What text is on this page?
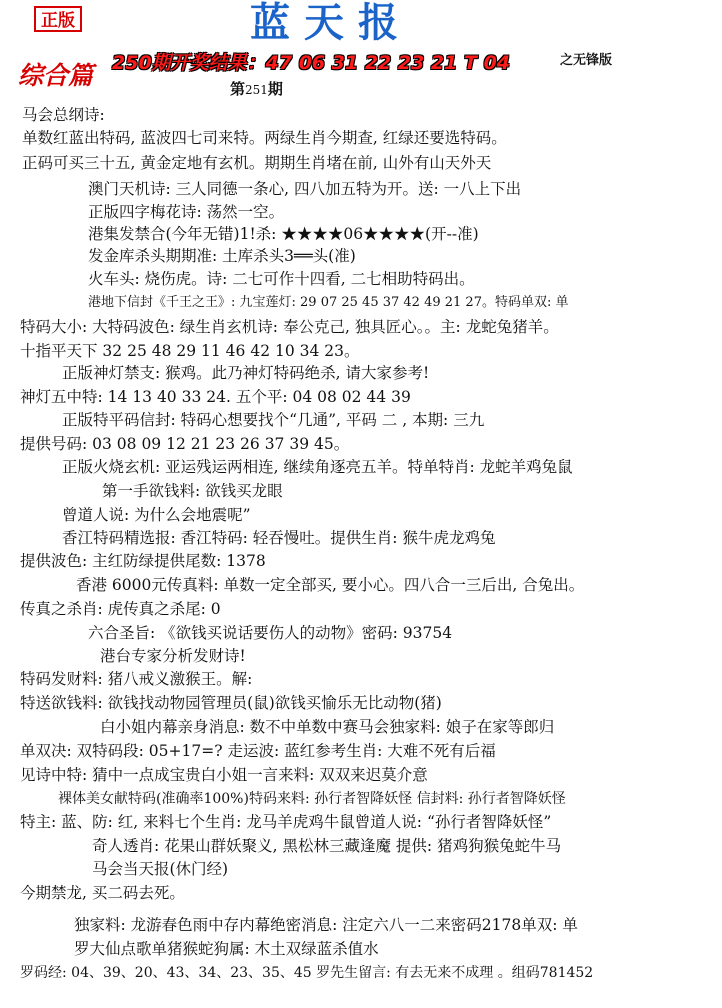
正版	蓝天报
250期开奖结果：47 06 31 22 23 21 T 04	之无锋版
综合篇	第251期
马会总纲诗:
单数红蓝出特码, 蓝波四七司来特。两绿生肖今期查, 红绿还要选特码。
正码可买三十五, 黄金定地有玄机。期期生肖堵在前, 山外有山天外天
澳门天机诗: 三人同德一条心, 四八加五特为开。送: 一八上下出
正版四字梅花诗: 荡然一空。
港集发禁合(今年无错)1!杀: ★★★★06★★★★(开--准)
发金库杀头期期准: 土库杀头3══头(准)
火车头: 烧伤虎。诗: 二七可作十四看, 二七相助特码出。
港地下信封《千王之王》: 九宝莲灯: 29 07 25 45 37 42 49 21 27。特码单双: 单
特码大小: 大特码波色: 绿生肖玄机诗: 奉公克己, 独具匠心。。主: 龙蛇兔猪羊。
十指平天下 32 25 48 29 11 46 42 10 34 23。
正版神灯禁支: 猴鸡。此乃神灯特码绝杀, 请大家参考!
神灯五中特: 14 13 40 33 24. 五个平: 04 08 02 44 39
正版特平码信封: 特码心想要找个“几通”, 平码 二 , 本期: 三九
提供号码: 03 08 09 12 21 23 26 37 39 45。
正版火烧玄机: 亚运残运两相连, 继续角逐亮五羊。特单特肖: 龙蛇羊鸡兔鼠
第一手欲钱料: 欲钱买龙眼
曾道人说: 为什么会地震呢”
香江特码精选报: 香江特码: 轻吞慢吐。提供生肖: 猴牛虎龙鸡兔
提供波色: 主红防绿提供尾数: 1378
香港 6000元传真料: 单数一定全部买, 要小心。四八合一三后出, 合兔出。
传真之杀肖: 虎传真之杀尾: 0
六合圣旨: 《欲钱买说话要伤人的动物》密码: 93754
港台专家分析发财诗!
特码发财料: 猪八戒义激猴王。解:
特送欲钱料: 欲钱找动物园管理员(鼠)欲钱买愉乐无比动物(猪)
白小姐内幕亲身消息: 数不中单数中赛马会独家料: 娘子在家等郎归
单双决: 双特码段: 05+17=? 走运波: 蓝红参考生肖: 大难不死有后福
见诗中特: 猜中一点成宝贵白小姐一言来料: 双双来迟莫介意
裸体美女献特码(准确率100%)特码来料: 孙行者智降妖怪 信封料: 孙行者智降妖怪
特主: 蓝、防: 红, 来料七个生肖: 龙马羊虎鸡牛鼠曾道人说: “孙行者智降妖怪”
奇人透肖: 花果山群妖聚义, 黑松林三藏逢魔 提供: 猪鸡狗猴兔蛇牛马
马会当天报(休门经)
今期禁龙, 买二码去死。
独家料: 龙游春色雨中存内幕绝密消息: 注定六八一二来密码2178单双: 单
罗大仙点歌单猪猴蛇狗属: 木土双绿蓝杀值水
罗码经: 04、39、20、43、34、23、35、45 罗先生留言: 有去无来不成理 。组码781452
